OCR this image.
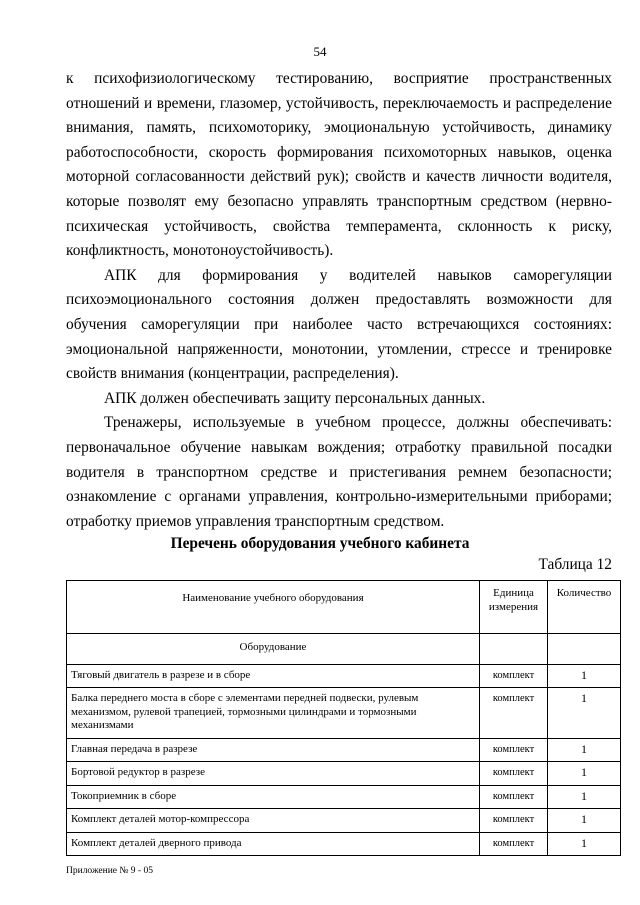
54

к психофизиологическому тестированию, восприятие пространственных отношений и времени, глазомер, устойчивость, переключаемость и распределение внимания, память, психомоторику, эмоциональную устойчивость, динамику работоспособности, скорость формирования психомоторных навыков, оценка моторной согласованности действий рук); свойств и качеств личности водителя, которые позволят ему безопасно управлять транспортным средством (нервно-психическая устойчивость, свойства темперамента, склонность к риску, конфликтность, монотоноустойчивость).

АПК для формирования у водителей навыков саморегуляции психоэмоционального состояния должен предоставлять возможности для обучения саморегуляции при наиболее часто встречающихся состояниях: эмоциональной напряженности, монотонии, утомлении, стрессе и тренировке свойств внимания (концентрации, распределения).

АПК должен обеспечивать защиту персональных данных.

Тренажеры, используемые в учебном процессе, должны обеспечивать: первоначальное обучение навыкам вождения; отработку правильной посадки водителя в транспортном средстве и пристегивания ремнем безопасности; ознакомление с органами управления, контрольно-измерительными приборами; отработку приемов управления транспортным средством.

Перечень оборудования учебного кабинета
Таблица 12
Наименование учебного оборудования	Единица измерения	Количество
Оборудование		
Тяговый двигатель в разрезе и в сборе	комплект	1
Балка переднего моста в сборе с элементами передней подвески, рулевым механизмом, рулевой трапецией, тормозными цилиндрами и тормозными механизмами	комплект	1
Главная передача в разрезе	комплект	1
Бортовой редуктор в разрезе	комплект	1
Токоприемник в сборе	комплект	1
Комплект деталей мотор-компрессора	комплект	1
Комплект деталей дверного привода	комплект	1
Приложение № 9 - 05
